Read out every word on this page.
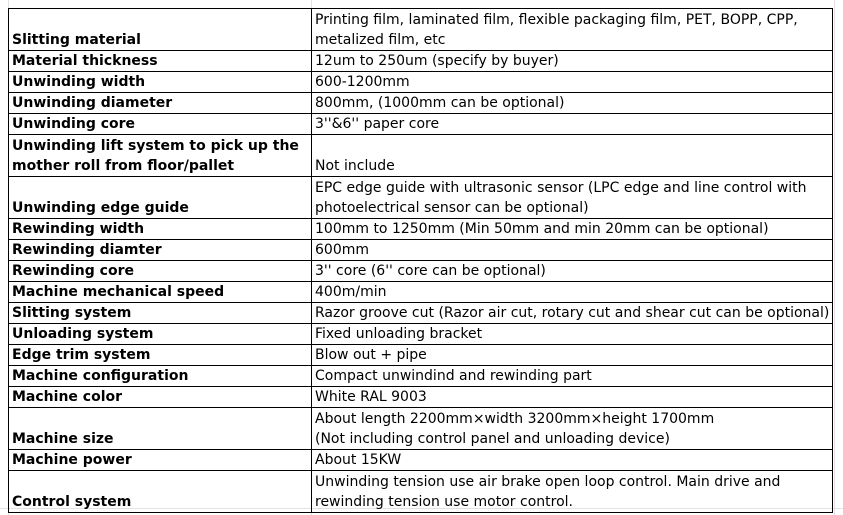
Slitting material	Printing film, laminated film, flexible packaging film, PET, BOPP, CPP, metalized film, etc
Material thickness	12um to 250um (specify by buyer)
Unwinding width	600-1200mm
Unwinding diameter	800mm, (1000mm can be optional)
Unwinding core	3''&6'' paper core
Unwinding lift system to pick up the mother roll from floor/pallet	Not include
Unwinding edge guide	EPC edge guide with ultrasonic sensor (LPC edge and line control with photoelectrical sensor can be optional)
Rewinding width	100mm to 1250mm (Min 50mm and min 20mm can be optional)
Rewinding diamter	600mm
Rewinding core	3'' core (6'' core can be optional)
Machine mechanical speed	400m/min
Slitting system	Razor groove cut (Razor air cut, rotary cut and shear cut can be optional)
Unloading system	Fixed unloading bracket
Edge trim system	Blow out + pipe
Machine configuration	Compact unwindind and rewinding part
Machine color	White RAL 9003
Machine size	About length 2200mm×width 3200mm×height 1700mm
(Not including control panel and unloading device)
Machine power	About 15KW
Control system	Unwinding tension use air brake open loop control. Main drive and rewinding tension use motor control.
